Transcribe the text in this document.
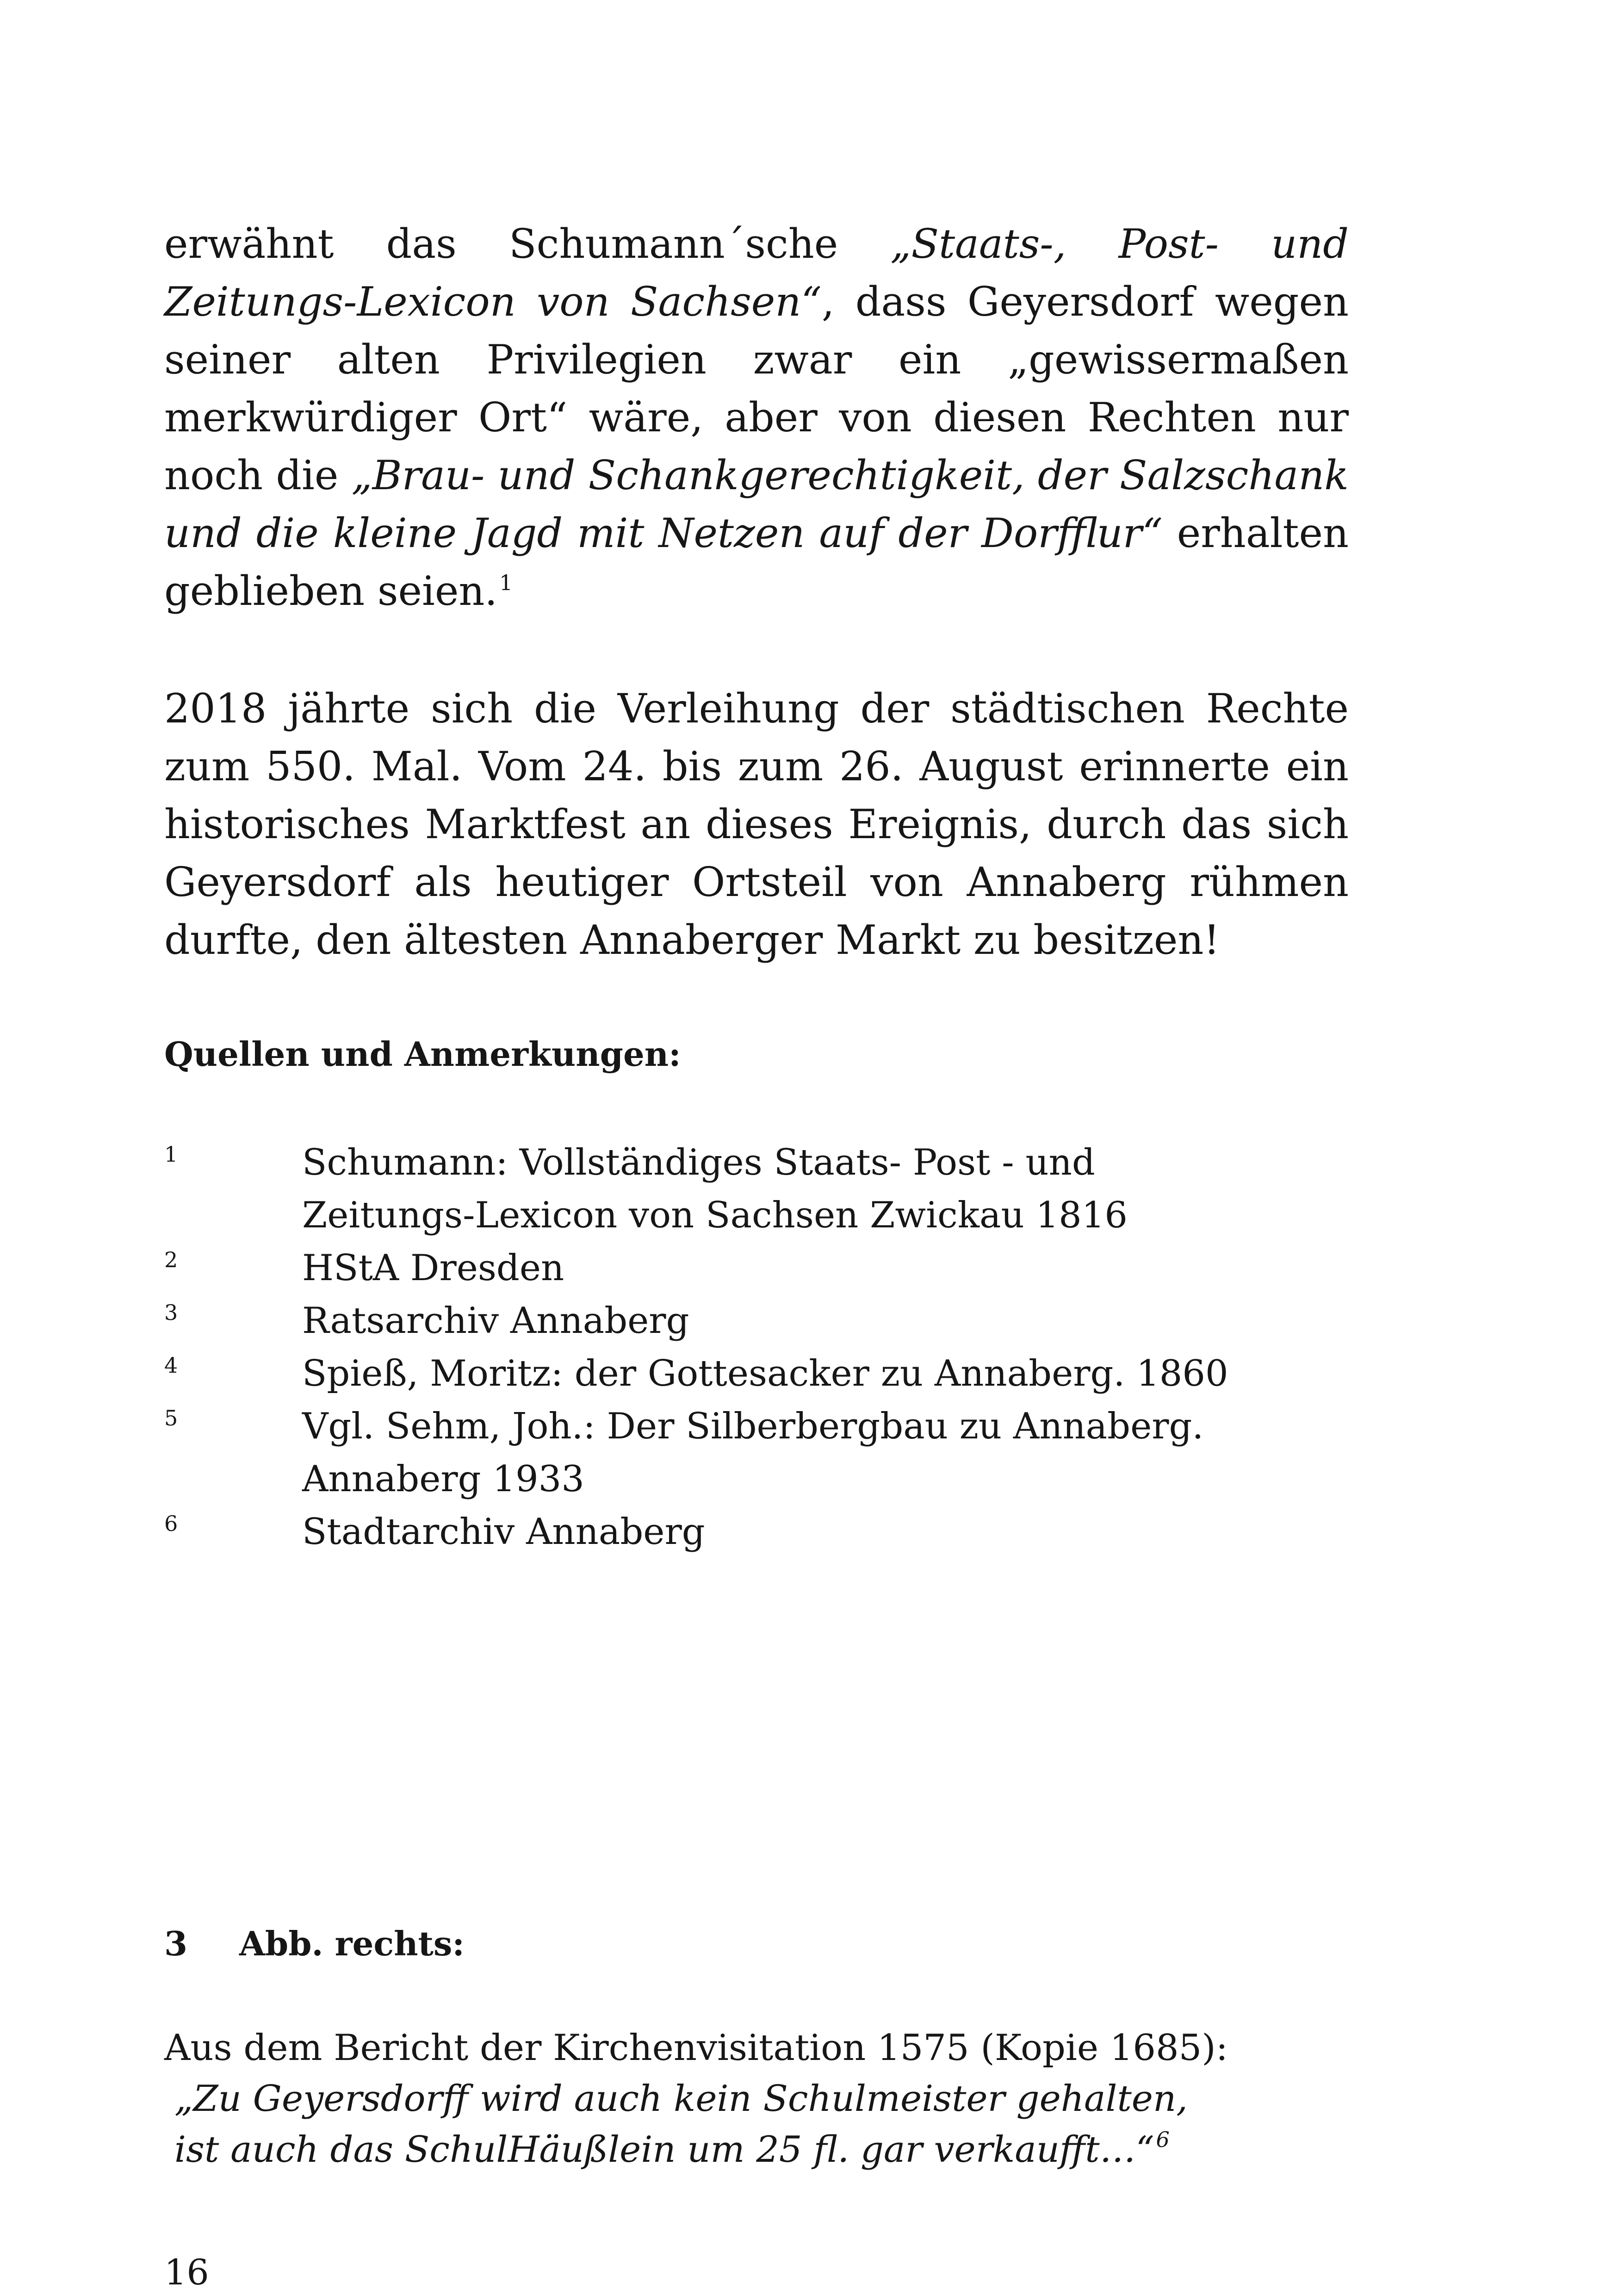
erwähnt das Schumann´sche „Staats-, Post- und Zeitungs-Lexicon von Sachsen“, dass Geyersdorf wegen seiner alten Privilegien zwar ein „gewissermaßen merkwürdiger Ort“ wäre, aber von diesen Rechten nur noch die „Brau- und Schankgerechtigkeit, der Salzschank und die kleine Jagd mit Netzen auf der Dorfflur“ erhalten geblieben seien.$^1$

2018 jährte sich die Verleihung der städtischen Rechte zum 550. Mal. Vom 24. bis zum 26. August erinnerte ein historisches Marktfest an dieses Ereignis, durch das sich Geyersdorf als heutiger Ortsteil von Annaberg rühmen durfte, den ältesten Annaberger Markt zu besitzen!

Quellen und Anmerkungen:
1	Schumann: Vollständiges Staats- Post - und
Zeitungs-Lexicon von Sachsen Zwickau 1816
2	HStA Dresden
3	Ratsarchiv Annaberg
4	Spieß, Moritz: der Gottesacker zu Annaberg. 1860
5	Vgl. Sehm, Joh.: Der Silberbergbau zu Annaberg.
Annaberg 1933
6	Stadtarchiv Annaberg
3 Abb. rechts:
Aus dem Bericht der Kirchenvisitation 1575 (Kopie 1685):
„Zu Geyersdorff wird auch kein Schulmeister gehalten,
ist auch das SchulHäußlein um 25 fl. gar verkaufft…“$^6$
16
